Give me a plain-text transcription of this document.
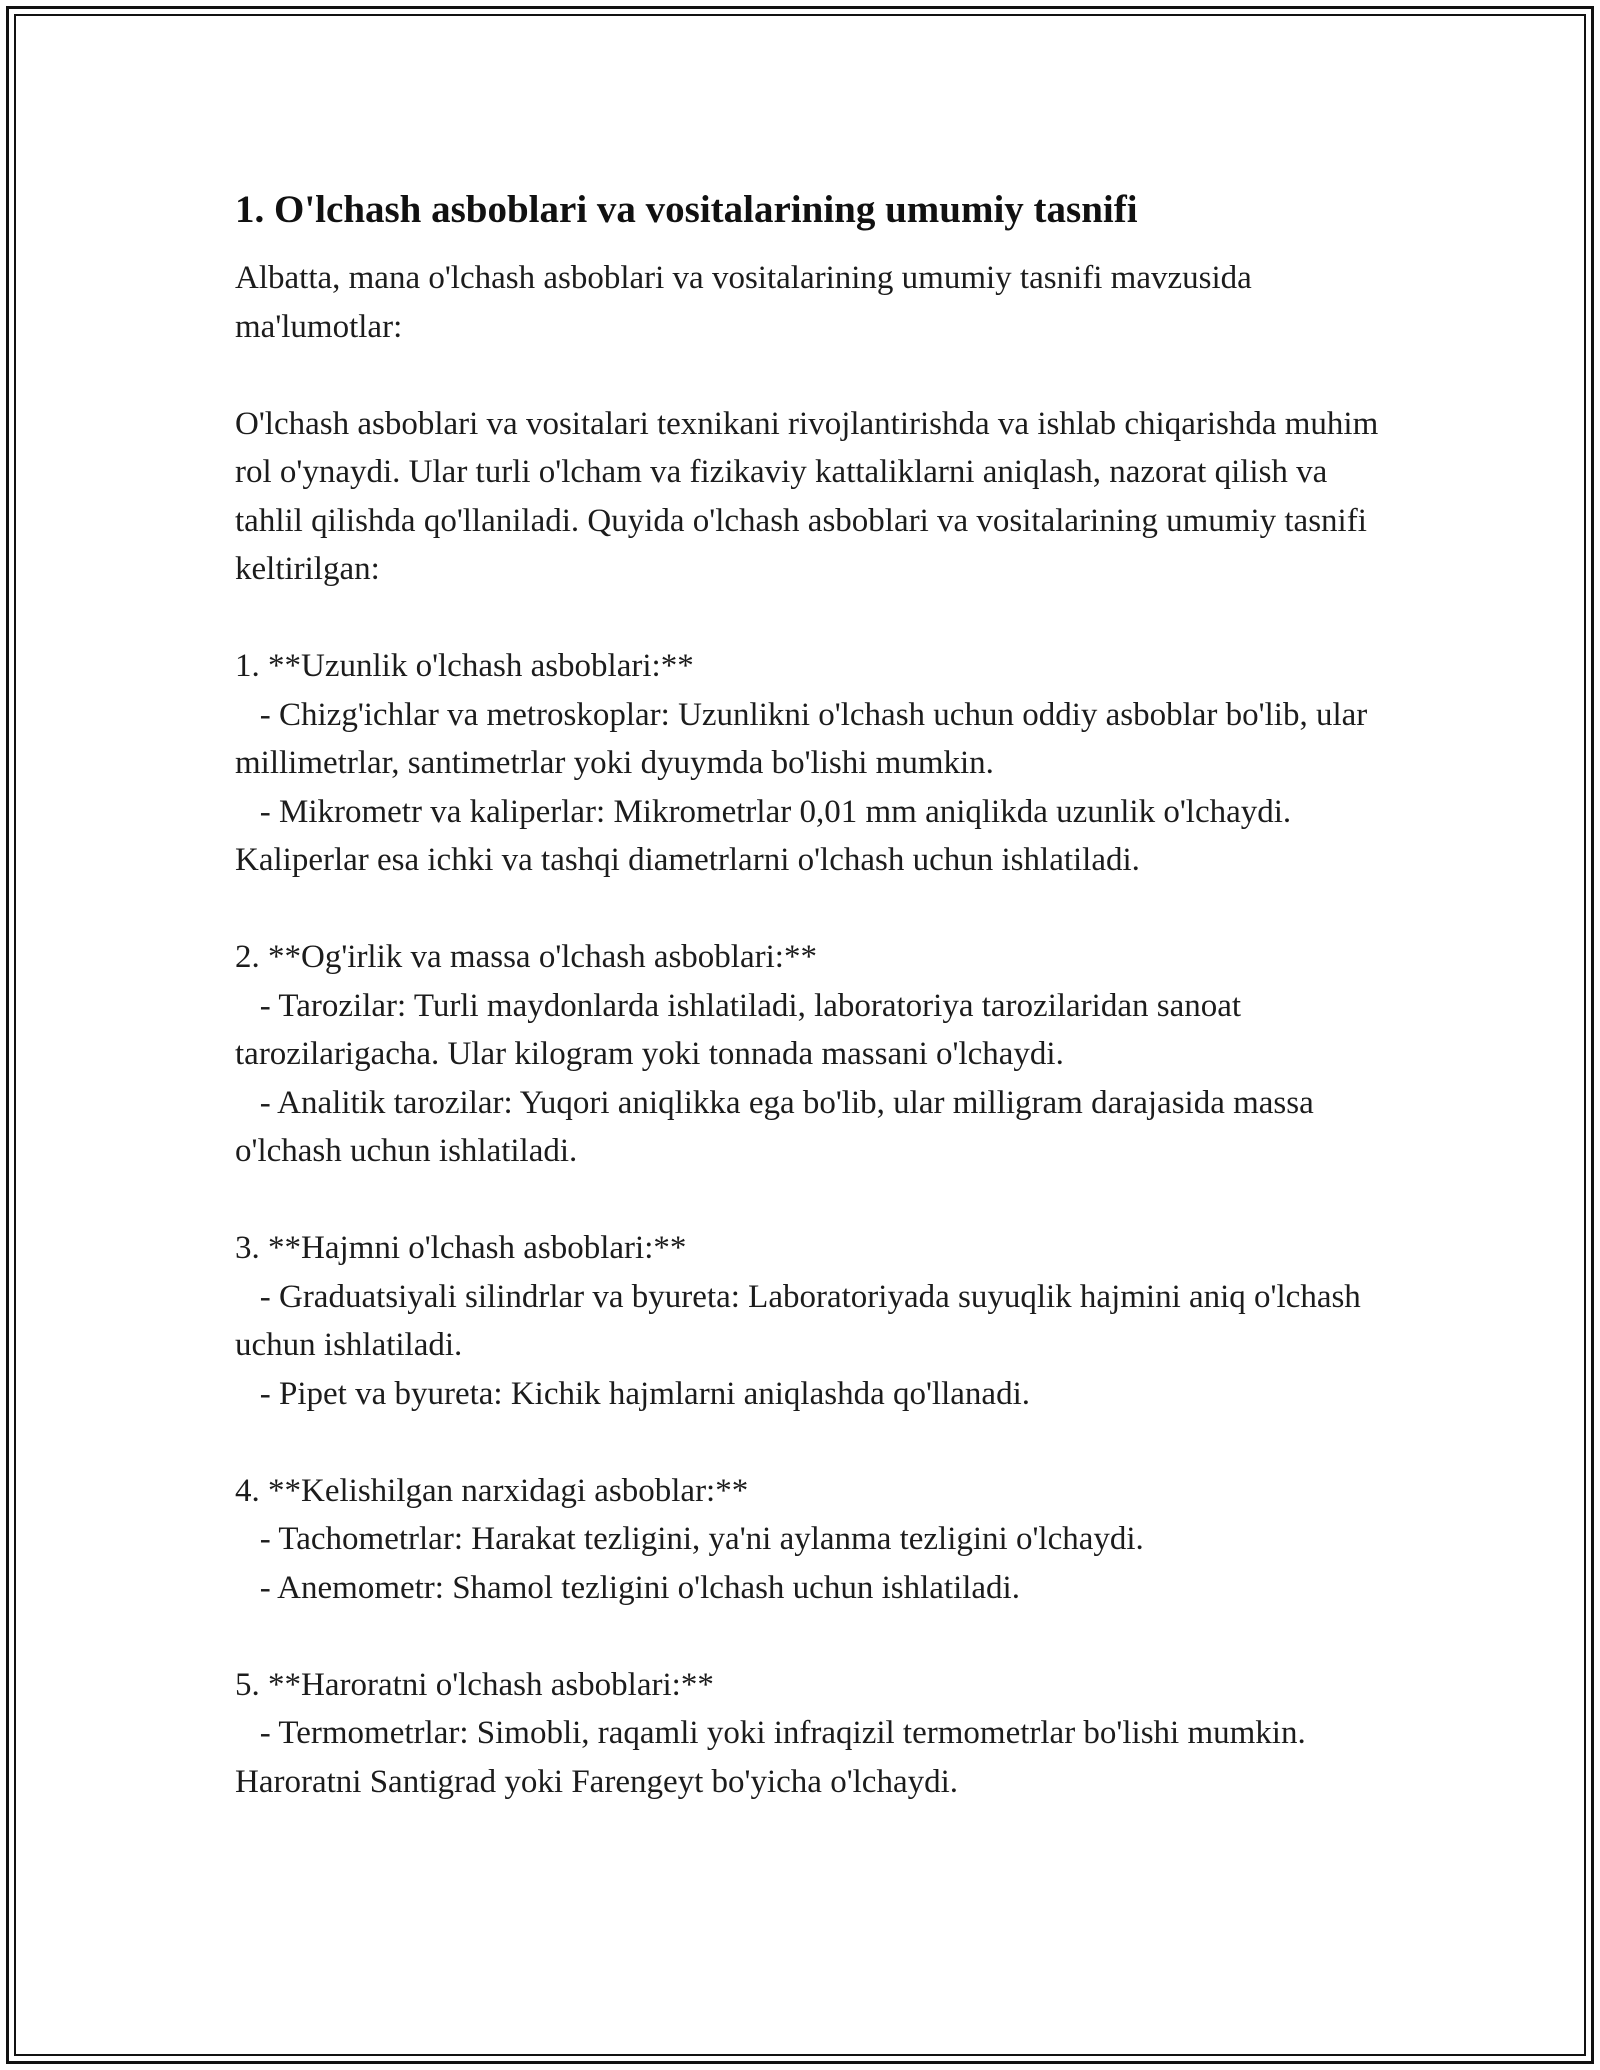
1. O'lchash asboblari va vositalarining umumiy tasnifi

Albatta, mana o'lchash asboblari va vositalarining umumiy tasnifi mavzusida ma'lumotlar:

O'lchash asboblari va vositalari texnikani rivojlantirishda va ishlab chiqarishda muhim rol o'ynaydi. Ular turli o'lcham va fizikaviy kattaliklarni aniqlash, nazorat qilish va tahlil qilishda qo'llaniladi. Quyida o'lchash asboblari va vositalarining umumiy tasnifi keltirilgan:

1. **Uzunlik o'lchash asboblari:**

- Chizg'ichlar va metroskoplar: Uzunlikni o'lchash uchun oddiy asboblar bo'lib, ular millimetrlar, santimetrlar yoki dyuymda bo'lishi mumkin.

- Mikrometr va kaliperlar: Mikrometrlar 0,01 mm aniqlikda uzunlik o'lchaydi. Kaliperlar esa ichki va tashqi diametrlarni o'lchash uchun ishlatiladi.

2. **Og'irlik va massa o'lchash asboblari:**

- Tarozilar: Turli maydonlarda ishlatiladi, laboratoriya tarozilaridan sanoat tarozilarigacha. Ular kilogram yoki tonnada massani o'lchaydi.

- Analitik tarozilar: Yuqori aniqlikka ega bo'lib, ular milligram darajasida massa o'lchash uchun ishlatiladi.

3. **Hajmni o'lchash asboblari:**

- Graduatsiyali silindrlar va byureta: Laboratoriyada suyuqlik hajmini aniq o'lchash uchun ishlatiladi.

- Pipet va byureta: Kichik hajmlarni aniqlashda qo'llanadi.

4. **Kelishilgan narxidagi asboblar:**

- Tachometrlar: Harakat tezligini, ya'ni aylanma tezligini o'lchaydi.

- Anemometr: Shamol tezligini o'lchash uchun ishlatiladi.

5. **Haroratni o'lchash asboblari:**

- Termometrlar: Simobli, raqamli yoki infraqizil termometrlar bo'lishi mumkin. Haroratni Santigrad yoki Farengeyt bo'yicha o'lchaydi.
